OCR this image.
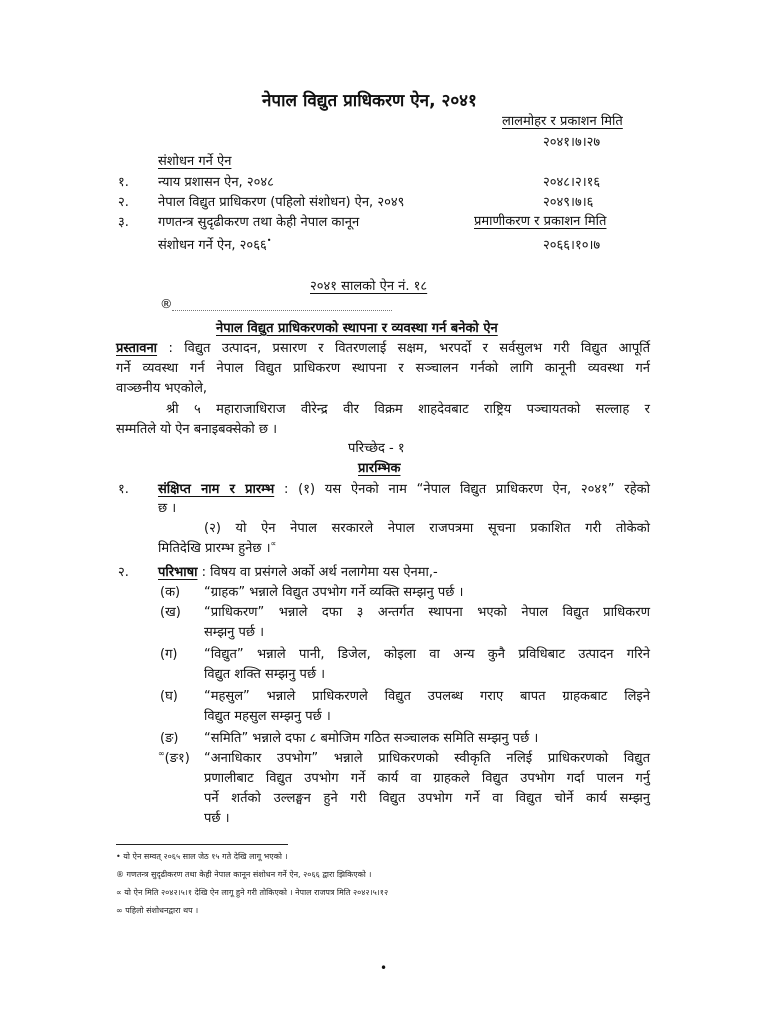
नेपाल विद्युत प्राधिकरण ऐन, २०४१
लालमोहर र प्रकाशन मिति
२०४१।७।२७
संशोधन गर्ने ऐन
१. न्याय प्रशासन ऐन, २०४८	२०४८।२।१६
२. नेपाल विद्युत प्राधिकरण (पहिलो संशोधन) ऐन, २०४९	२०४९।७।६
३. गणतन्त्र सुदृढीकरण तथा केही नेपाल कानून	प्रमाणीकरण र प्रकाशन मिति
संशोधन गर्ने ऐन, २०६६•	२०६६।१०।७
२०४१ सालको ऐन नं. १८
®
नेपाल विद्युत प्राधिकरणको स्थापना र व्यवस्था गर्न बनेको ऐन
प्रस्तावना : विद्युत उत्पादन, प्रसारण र वितरणलाई सक्षम, भरपर्दो र सर्वसुलभ गरी विद्युत आपूर्ति
गर्ने व्यवस्था गर्न नेपाल विद्युत प्राधिकरण स्थापना र सञ्चालन गर्नको लागि कानूनी व्यवस्था गर्न
वाञ्छनीय भएकोले,
श्री ५ महाराजाधिराज वीरेन्द्र वीर विक्रम शाहदेवबाट राष्ट्रिय पञ्चायतको सल्लाह र
सम्मतिले यो ऐन बनाइबक्सेको छ ।
परिच्छेद - १
प्रारम्भिक
१. संक्षिप्त नाम र प्रारम्भ : (१) यस ऐनको नाम “नेपाल विद्युत प्राधिकरण ऐन, २०४१” रहेको
छ ।
(२) यो ऐन नेपाल सरकारले नेपाल राजपत्रमा सूचना प्रकाशित गरी तोकेको
मितिदेखि प्रारम्भ हुनेछ ।∝
२. परिभाषा : विषय वा प्रसंगले अर्को अर्थ नलागेमा यस ऐनमा,-
(क) “ग्राहक” भन्नाले विद्युत उपभोग गर्ने व्यक्ति सम्झनु पर्छ ।
(ख) “प्राधिकरण” भन्नाले दफा ३ अन्तर्गत स्थापना भएको नेपाल विद्युत प्राधिकरण
सम्झनु पर्छ ।
(ग) “विद्युत” भन्नाले पानी, डिजेल, कोइला वा अन्य कुनै प्रविधिबाट उत्पादन गरिने
विद्युत शक्ति सम्झनु पर्छ ।
(घ) “महसुल” भन्नाले प्राधिकरणले विद्युत उपलब्ध गराए बापत ग्राहकबाट लिइने
विद्युत महसुल सम्झनु पर्छ ।
(ङ) “समिति” भन्नाले दफा ८ बमोजिम गठित सञ्चालक समिति सम्झनु पर्छ ।
∞(ङ१) “अनाधिकार उपभोग” भन्नाले प्राधिकरणको स्वीकृति नलिई प्राधिकरणको विद्युत
प्रणालीबाट विद्युत उपभोग गर्ने कार्य वा ग्राहकले विद्युत उपभोग गर्दा पालन गर्नु
पर्ने शर्तको उल्लङ्घन हुने गरी विद्युत उपभोग गर्ने वा विद्युत चोर्ने कार्य सम्झनु
पर्छ ।
• यो ऐन सम्वत् २०६५ साल जेठ १५ गते देखि लागू भएको ।
® गणतन्त्र सुदृढीकरण तथा केही नेपाल कानून संशोधन गर्ने ऐन, २०६६ द्वारा झिकिएको ।
∝ यो ऐन मिति २०४२।५।१ देखि ऐन लागू हुने गरी तोकिएको । नेपाल राजपत्र मिति २०४२।५।१२
∞ पहिलो संशोधनद्वारा थप ।
•
